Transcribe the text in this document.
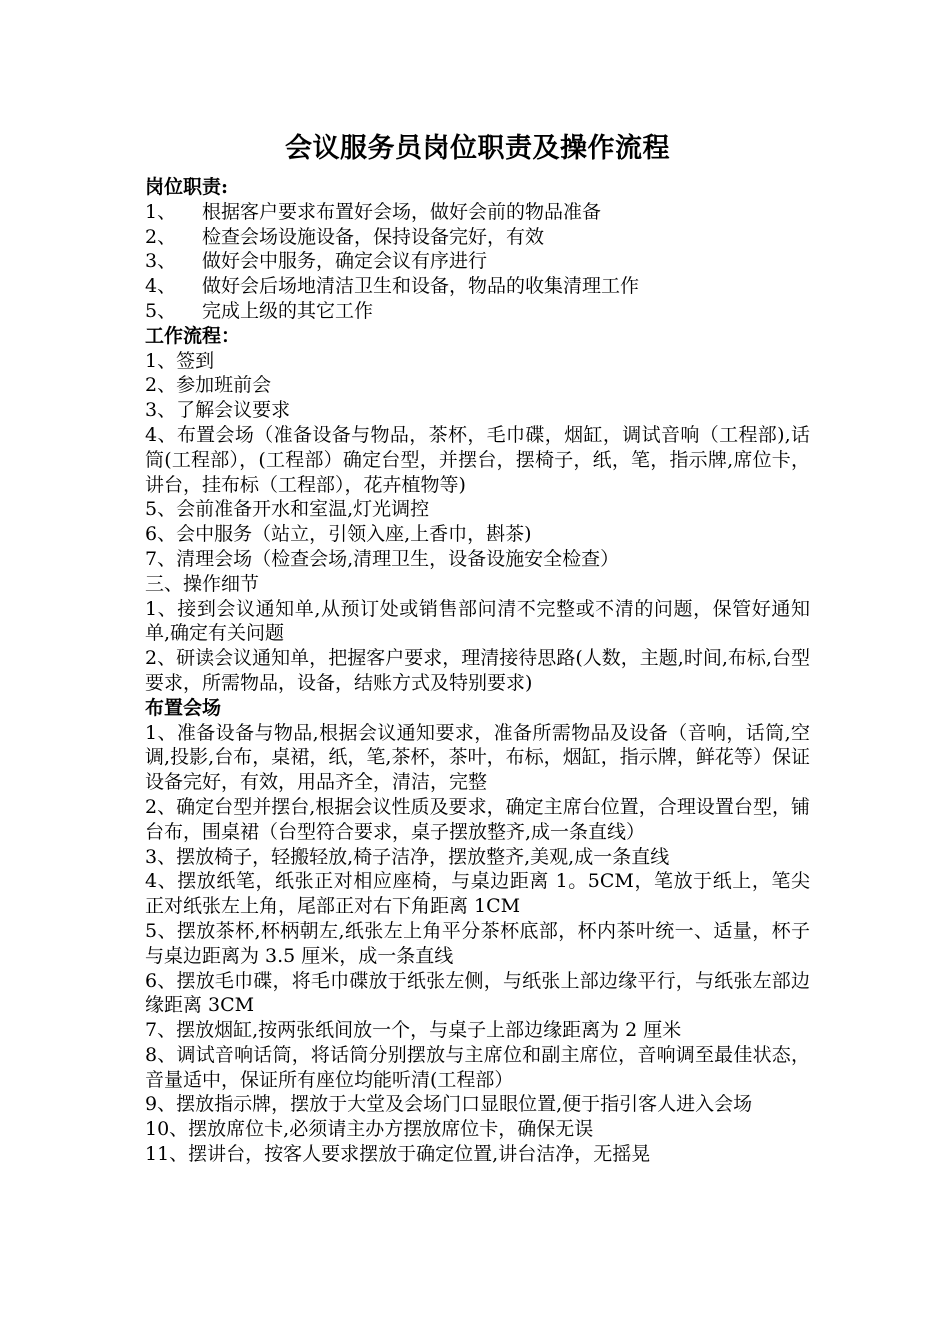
会议服务员岗位职责及操作流程
岗位职责:
1、	根据客户要求布置好会场，做好会前的物品准备
2、	检查会场设施设备，保持设备完好，有效
3、	做好会中服务，确定会议有序进行
4、	做好会后场地清洁卫生和设备，物品的收集清理工作
5、	完成上级的其它工作
工作流程：
1、签到
2、参加班前会
3、了解会议要求
4、布置会场（准备设备与物品，茶杯，毛巾碟，烟缸，调试音响（工程部),话筒(工程部），(工程部）确定台型，并摆台，摆椅子，纸，笔，指示牌,席位卡，讲台，挂布标（工程部），花卉植物等)
5、会前准备开水和室温,灯光调控
6、会中服务（站立，引领入座,上香巾，斟茶)
7、清理会场（检查会场,清理卫生，设备设施安全检查）
三、操作细节
1、接到会议通知单,从预订处或销售部问清不完整或不清的问题，保管好通知单,确定有关问题
2、研读会议通知单，把握客户要求，理清接待思路(人数，主题,时间,布标,台型要求，所需物品，设备，结账方式及特别要求)
布置会场
1、准备设备与物品,根据会议通知要求，准备所需物品及设备（音响，话筒,空调,投影,台布，桌裙，纸，笔,茶杯，茶叶，布标，烟缸，指示牌，鲜花等）保证设备完好，有效，用品齐全，清洁，完整
2、确定台型并摆台,根据会议性质及要求，确定主席台位置，合理设置台型，铺台布，围桌裙（台型符合要求，桌子摆放整齐,成一条直线）
3、摆放椅子，轻搬轻放,椅子洁净，摆放整齐,美观,成一条直线
4、摆放纸笔，纸张正对相应座椅，与桌边距离 1。5CM，笔放于纸上，笔尖正对纸张左上角，尾部正对右下角距离 1CM
5、摆放茶杯,杯柄朝左,纸张左上角平分茶杯底部，杯内茶叶统一、适量，杯子与桌边距离为 3.5 厘米，成一条直线
6、摆放毛巾碟，将毛巾碟放于纸张左侧，与纸张上部边缘平行，与纸张左部边缘距离 3CM
7、摆放烟缸,按两张纸间放一个，与桌子上部边缘距离为 2 厘米
8、调试音响话筒，将话筒分别摆放与主席位和副主席位，音响调至最佳状态，音量适中，保证所有座位均能听清(工程部）
9、摆放指示牌，摆放于大堂及会场门口显眼位置,便于指引客人进入会场
10、摆放席位卡,必须请主办方摆放席位卡，确保无误
11、摆讲台，按客人要求摆放于确定位置,讲台洁净，无摇晃
